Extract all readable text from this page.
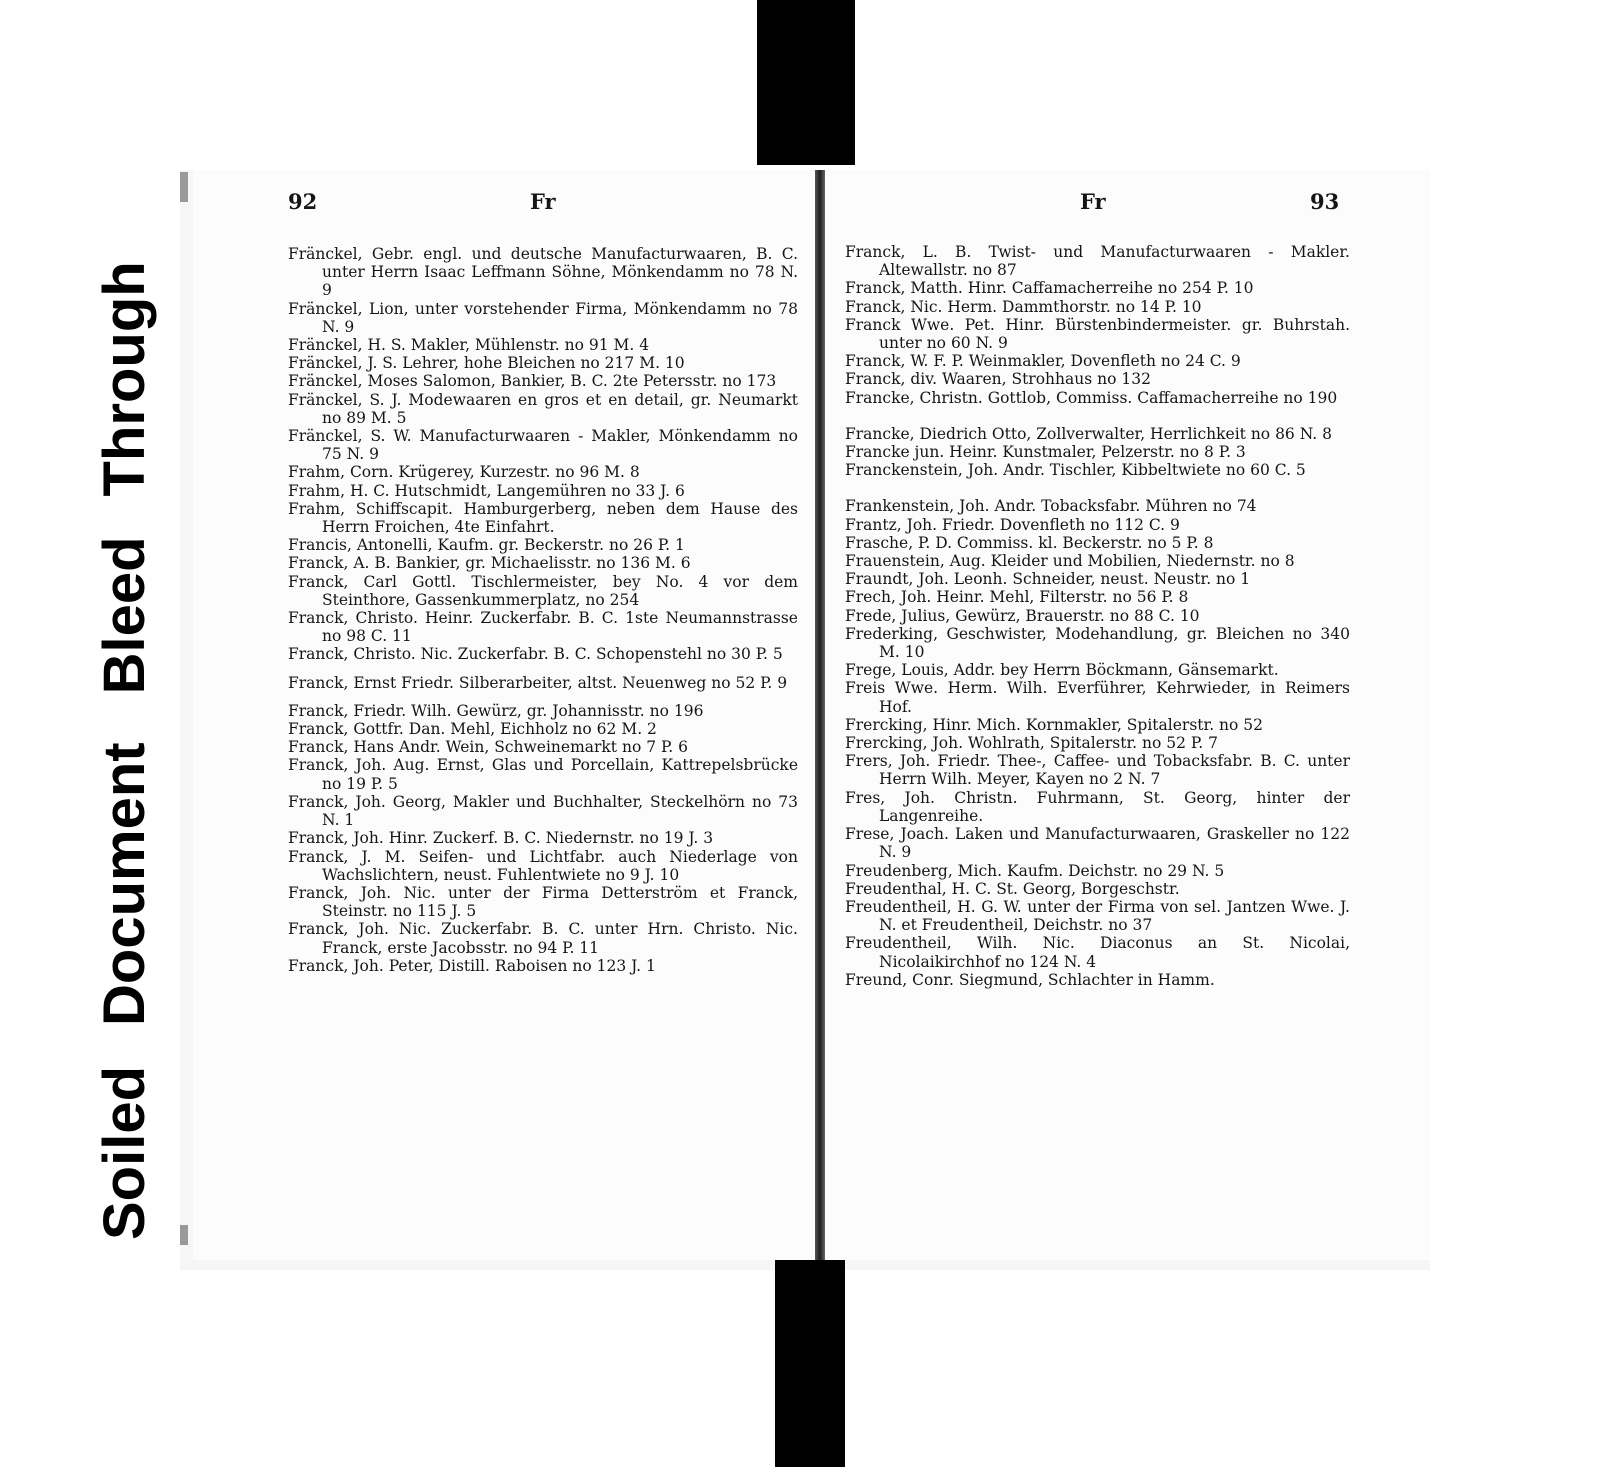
Soiled
Document
Bleed
Through
92	Fr	Fr	93
Fränckel, Gebr. engl. und deutsche Manufacturwaaren, B. C. unter Herrn Isaac Leffmann Söhne, Mönkendamm no 78 N. 9
Fränckel, Lion, unter vorstehender Firma, Mönkendamm no 78 N. 9
Fränckel, H. S. Makler, Mühlenstr. no 91 M. 4
Fränckel, J. S. Lehrer, hohe Bleichen no 217 M. 10
Fränckel, Moses Salomon, Bankier, B. C. 2te Petersstr. no 173
Fränckel, S. J. Modewaaren en gros et en detail, gr. Neumarkt no 89 M. 5
Fränckel, S. W. Manufacturwaaren - Makler, Mönkendamm no 75 N. 9
Frahm, Corn. Krügerey, Kurzestr. no 96 M. 8
Frahm, H. C. Hutschmidt, Langemühren no 33 J. 6
Frahm, Schiffscapit. Hamburgerberg, neben dem Hause des Herrn Froichen, 4te Einfahrt.
Francis, Antonelli, Kaufm. gr. Beckerstr. no 26 P. 1
Franck, A. B. Bankier, gr. Michaelisstr. no 136 M. 6
Franck, Carl Gottl. Tischlermeister, bey No. 4 vor dem Steinthore, Gassenkummerplatz, no 254
Franck, Christo. Heinr. Zuckerfabr. B. C. 1ste Neumannstrasse no 98 C. 11
Franck, Christo. Nic. Zuckerfabr. B. C. Schopenstehl no 30 P. 5
Franck, Ernst Friedr. Silberarbeiter, altst. Neuenweg no 52 P. 9
Franck, Friedr. Wilh. Gewürz, gr. Johannisstr. no 196
Franck, Gottfr. Dan. Mehl, Eichholz no 62 M. 2
Franck, Hans Andr. Wein, Schweinemarkt no 7 P. 6
Franck, Joh. Aug. Ernst, Glas und Porcellain, Kattrepelsbrücke no 19 P. 5
Franck, Joh. Georg, Makler und Buchhalter, Steckelhörn no 73 N. 1
Franck, Joh. Hinr. Zuckerf. B. C. Niedernstr. no 19 J. 3
Franck, J. M. Seifen- und Lichtfabr. auch Niederlage von Wachslichtern, neust. Fuhlentwiete no 9 J. 10
Franck, Joh. Nic. unter der Firma Detterström et Franck, Steinstr. no 115 J. 5
Franck, Joh. Nic. Zuckerfabr. B. C. unter Hrn. Christo. Nic. Franck, erste Jacobsstr. no 94 P. 11
Franck, Joh. Peter, Distill. Raboisen no 123 J. 1
Franck, L. B. Twist- und Manufacturwaaren - Makler. Altewallstr. no 87
Franck, Matth. Hinr. Caffamacherreihe no 254 P. 10
Franck, Nic. Herm. Dammthorstr. no 14 P. 10
Franck Wwe. Pet. Hinr. Bürstenbindermeister. gr. Buhrstah. unter no 60 N. 9
Franck, W. F. P. Weinmakler, Dovenfleth no 24 C. 9
Franck, div. Waaren, Strohhaus no 132
Francke, Christn. Gottlob, Commiss. Caffamacherreihe no 190
Francke, Diedrich Otto, Zollverwalter, Herrlichkeit no 86 N. 8
Francke jun. Heinr. Kunstmaler, Pelzerstr. no 8 P. 3
Franckenstein, Joh. Andr. Tischler, Kibbeltwiete no 60 C. 5
Frankenstein, Joh. Andr. Tobacksfabr. Mühren no 74
Frantz, Joh. Friedr. Dovenfleth no 112 C. 9
Frasche, P. D. Commiss. kl. Beckerstr. no 5 P. 8
Frauenstein, Aug. Kleider und Mobilien, Niedernstr. no 8
Fraundt, Joh. Leonh. Schneider, neust. Neustr. no 1
Frech, Joh. Heinr. Mehl, Filterstr. no 56 P. 8
Frede, Julius, Gewürz, Brauerstr. no 88 C. 10
Frederking, Geschwister, Modehandlung, gr. Bleichen no 340 M. 10
Frege, Louis, Addr. bey Herrn Böckmann, Gänsemarkt.
Freis Wwe. Herm. Wilh. Everführer, Kehrwieder, in Reimers Hof.
Frercking, Hinr. Mich. Kornmakler, Spitalerstr. no 52
Frercking, Joh. Wohlrath, Spitalerstr. no 52 P. 7
Frers, Joh. Friedr. Thee-, Caffee- und Tobacksfabr. B. C. unter Herrn Wilh. Meyer, Kayen no 2 N. 7
Fres, Joh. Christn. Fuhrmann, St. Georg, hinter der Langenreihe.
Frese, Joach. Laken und Manufacturwaaren, Graskeller no 122 N. 9
Freudenberg, Mich. Kaufm. Deichstr. no 29 N. 5
Freudenthal, H. C. St. Georg, Borgeschstr.
Freudentheil, H. G. W. unter der Firma von sel. Jantzen Wwe. J. N. et Freudentheil, Deichstr. no 37
Freudentheil, Wilh. Nic. Diaconus an St. Nicolai, Nicolaikirchhof no 124 N. 4
Freund, Conr. Siegmund, Schlachter in Hamm.
